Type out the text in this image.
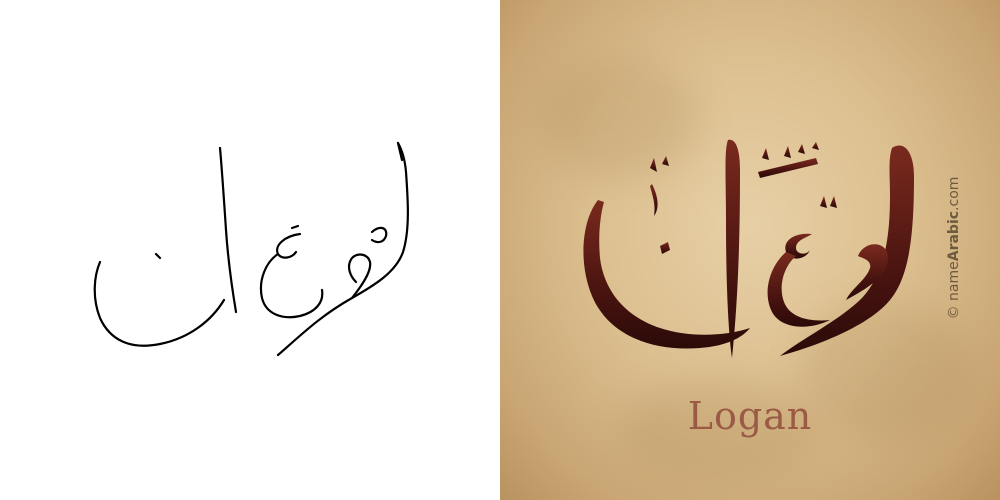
Logan
© nameArabic.com
